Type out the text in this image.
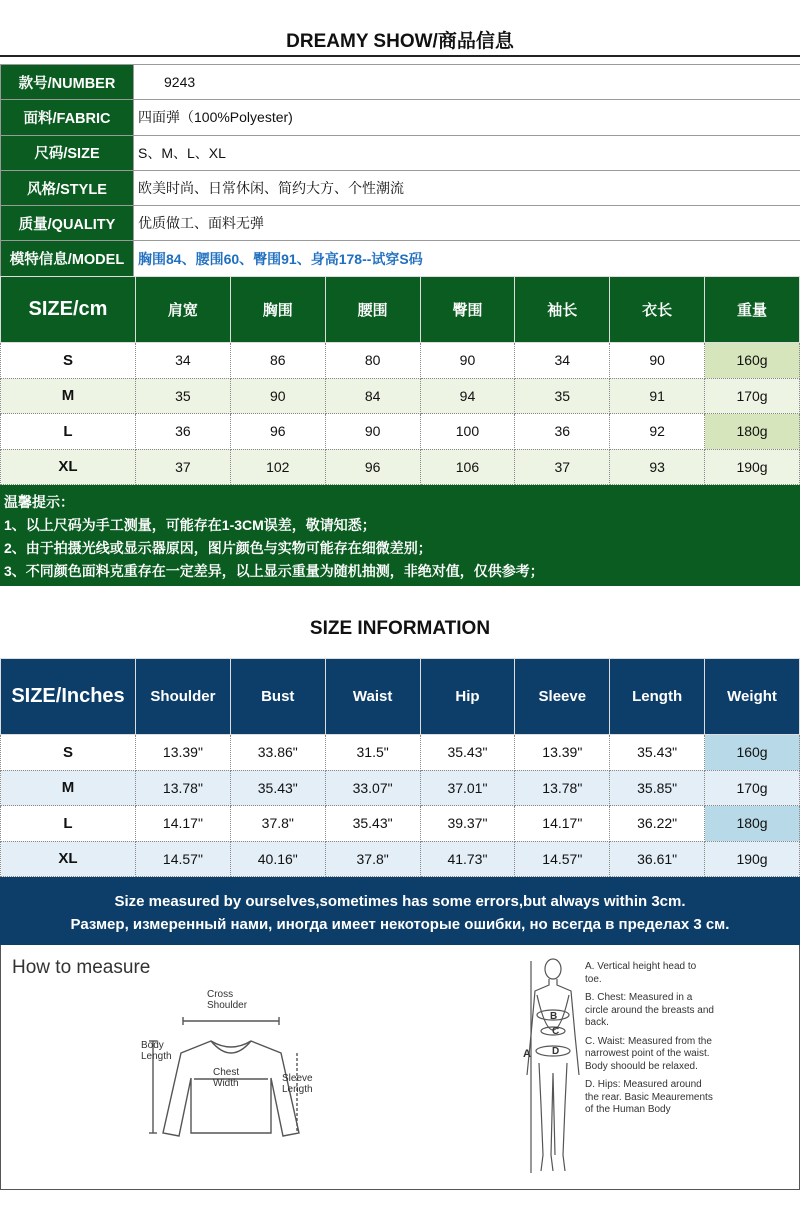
DREAMY SHOW/商品信息
款号/NUMBER	9243
面料/FABRIC	四面弹（100%Polyester)
尺码/SIZE	S、M、L、XL
风格/STYLE	欧美时尚、日常休闲、简约大方、个性潮流
质量/QUALITY	优质做工、面料无弹
模特信息/MODEL	胸围84、腰围60、臀围91、身高178--试穿S码
SIZE/cm	肩宽	胸围	腰围	臀围	袖长	衣长	重量
S	34	86	80	90	34	90	160g
M	35	90	84	94	35	91	170g
L	36	96	90	100	36	92	180g
XL	37	102	96	106	37	93	190g
温馨提示：
1、以上尺码为手工测量，可能存在1-3CM误差，敬请知悉；
2、由于拍摄光线或显示器原因，图片颜色与实物可能存在细微差别；
3、不同颜色面料克重存在一定差异，以上显示重量为随机抽测，非绝对值，仅供参考；
SIZE INFORMATION
SIZE/Inches	Shoulder	Bust	Waist	Hip	Sleeve	Length	Weight
S	13.39"	33.86"	31.5"	35.43"	13.39"	35.43"	160g
M	13.78"	35.43"	33.07"	37.01"	13.78"	35.85"	170g
L	14.17"	37.8"	35.43"	39.37"	14.17"	36.22"	180g
XL	14.57"	40.16"	37.8"	41.73"	14.57"	36.61"	190g
Size measured by ourselves,sometimes has some errors,but always within 3cm.
Размер, измеренный нами, иногда имеет некоторые ошибки, но всегда в пределах 3 см.
How to measure
Cross
Shoulder
Body
Length
Chest
Width	Sleeve
Length
A
B
C
D

A. Vertical height head to toe.

B. Chest: Measured in a circle around the breasts and back.

C. Waist: Measured from the narrowest point of the waist. Body shoould be relaxed.

D. Hips: Measured around the rear. Basic Meaurements of the Human Body
